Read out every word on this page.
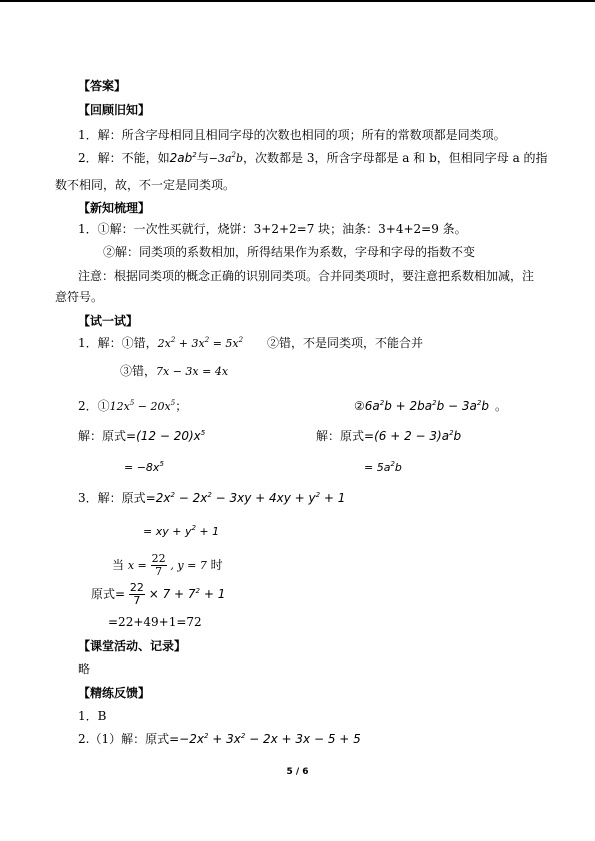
【答案】
【回顾旧知】
1．解：所含字母相同且相同字母的次数也相同的项；所有的常数项都是同类项。
2．解：不能，如$2ab^2$与$-3a^2b$，次数都是 3，所含字母都是 a 和 b，但相同字母 a 的指
数不相同，故，不一定是同类项。
【新知梳理】
1．①解：一次性买就行，烧饼：3+2+2=7 块；油条：3+4+2=9 条。
②解：同类项的系数相加，所得结果作为系数，字母和字母的指数不变
注意：根据同类项的概念正确的识别同类项。合并同类项时，要注意把系数相加减，注
意符号。
【试一试】
1．解：①错，$2x^2 + 3x^2 = 5x^2$ ②错，不是同类项，不能合并
③错，7x − 3x = 4x
2．$①12x^5 - 20x^5$；	$②6a^2b + 2ba^2b - 3a^2b$ 。
解：原式$=(12 - 20)x^5$	解：原式$=(6 + 2 - 3)a^2b$
= $-8x^5$	= $5a^2b$
3．解：原式$=2x^2 - 2x^2 - 3xy + 4xy + y^2 + 1$
= xy + $y^2 + 1$
当 $x = \frac{22}{7}$ , y = 7 时
原式= $\frac{22}{7} \times 7 + 7^2 + 1$
=22+49+1=72
【课堂活动、记录】
略
【精练反馈】
1．B
2.（1）解：原式$=-2x^2 + 3x^2 - 2x + 3x - 5 + 5$
5 / 6
